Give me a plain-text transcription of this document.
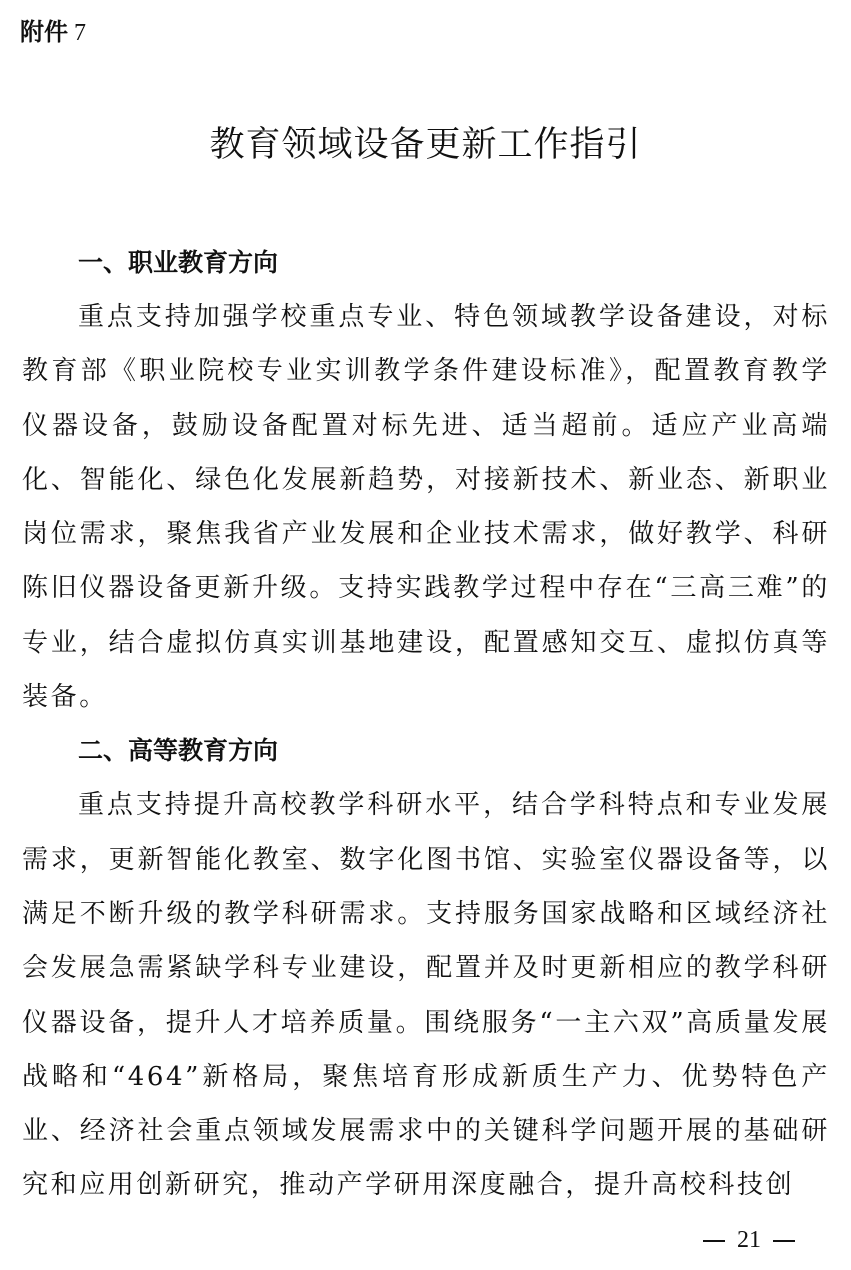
附件 7
教育领域设备更新工作指引
一、职业教育方向

重点支持加强学校重点专业、特色领域教学设备建设，对标教育部《职业院校专业实训教学条件建设标准》，配置教育教学仪器设备，鼓励设备配置对标先进、适当超前。适应产业高端化、智能化、绿色化发展新趋势，对接新技术、新业态、新职业岗位需求，聚焦我省产业发展和企业技术需求，做好教学、科研陈旧仪器设备更新升级。支持实践教学过程中存在“三高三难”的专业，结合虚拟仿真实训基地建设，配置感知交互、虚拟仿真等装备。

二、高等教育方向

重点支持提升高校教学科研水平，结合学科特点和专业发展需求，更新智能化教室、数字化图书馆、实验室仪器设备等，以满足不断升级的教学科研需求。支持服务国家战略和区域经济社会发展急需紧缺学科专业建设，配置并及时更新相应的教学科研仪器设备，提升人才培养质量。围绕服务“一主六双”高质量发展战略和“464”新格局，聚焦培育形成新质生产力、优势特色产业、经济社会重点领域发展需求中的关键科学问题开展的基础研究和应用创新研究，推动产学研用深度融合，提升高校科技创

21
